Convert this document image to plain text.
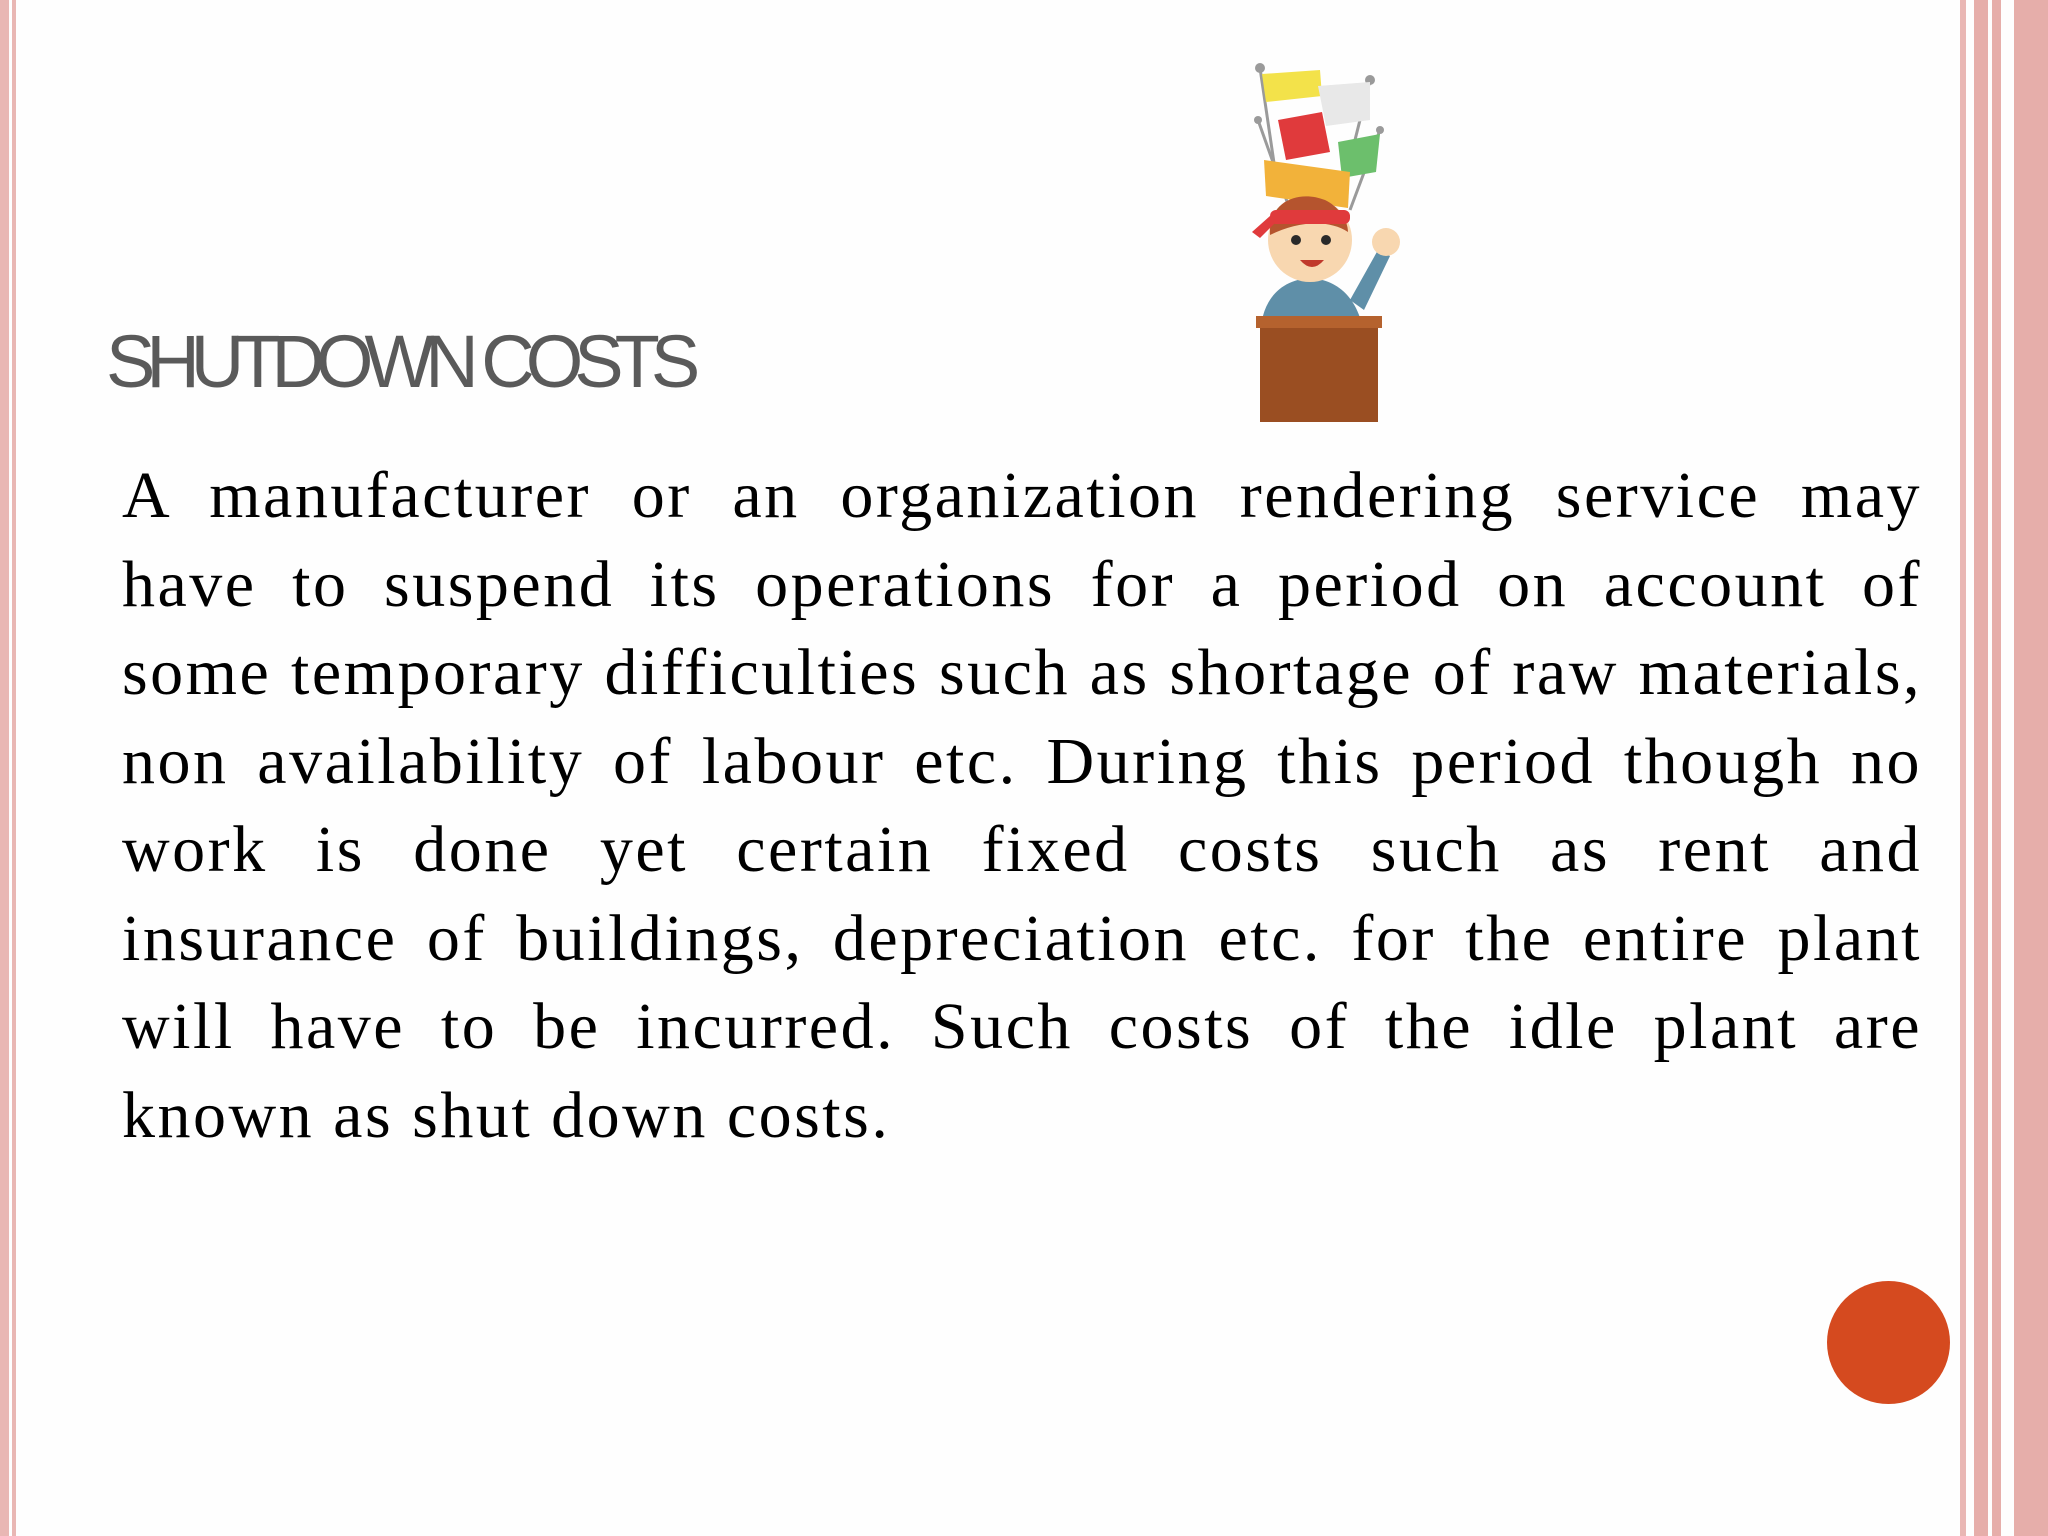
SHUTDOWN COSTS

A manufacturer or an organization rendering service may have to suspend its operations for a period on account of some temporary difficulties such as shortage of raw materials, non availability of labour etc. During this period though no work is done yet certain fixed costs such as rent and insurance of buildings, depreciation etc. for the entire plant will have to be incurred. Such costs of the idle plant are known as shut down costs.
